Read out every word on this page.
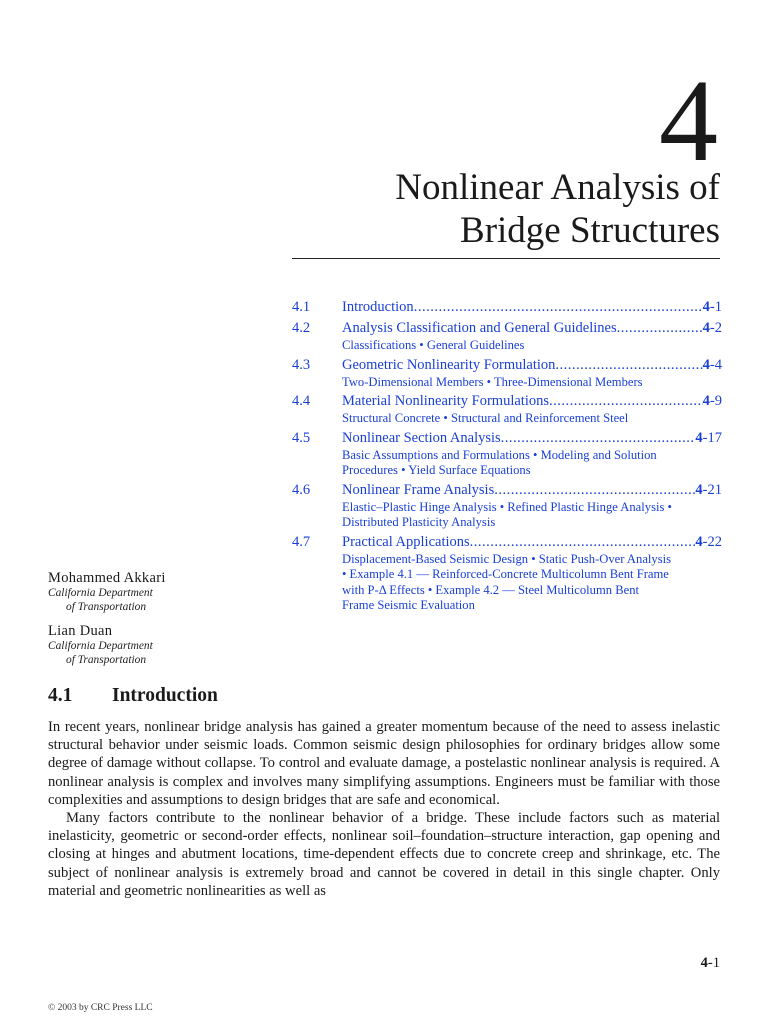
4
Nonlinear Analysis of
Bridge Structures
4.1 Introduction .....	4-1
4.2 Analysis Classification and General Guidelines .....	4-2
Classifications • General Guidelines
4.3 Geometric Nonlinearity Formulation .....	4-4
Two-Dimensional Members • Three-Dimensional Members
4.4 Material Nonlinearity Formulations .....	4-9
Structural Concrete • Structural and Reinforcement Steel
4.5 Nonlinear Section Analysis .....	4-17
Basic Assumptions and Formulations • Modeling and Solution Procedures • Yield Surface Equations
4.6 Nonlinear Frame Analysis .....	4-21
Elastic–Plastic Hinge Analysis • Refined Plastic Hinge Analysis • Distributed Plasticity Analysis
4.7 Practical Applications .....	4-22
Displacement-Based Seismic Design • Static Push-Over Analysis • Example 4.1 — Reinforced-Concrete Multicolumn Bent Frame with P-Δ Effects • Example 4.2 — Steel Multicolumn Bent Frame Seismic Evaluation
Mohammed Akkari
California Department
of Transportation
Lian Duan
California Department
of Transportation
4.1 Introduction

In recent years, nonlinear bridge analysis has gained a greater momentum because of the need to assess inelastic structural behavior under seismic loads. Common seismic design philosophies for ordinary bridges allow some degree of damage without collapse. To control and evaluate damage, a postelastic nonlinear analysis is required. A nonlinear analysis is complex and involves many simplifying assumptions. Engineers must be familiar with those complexities and assumptions to design bridges that are safe and economical.

Many factors contribute to the nonlinear behavior of a bridge. These include factors such as material inelasticity, geometric or second-order effects, nonlinear soil–foundation–structure interaction, gap opening and closing at hinges and abutment locations, time-dependent effects due to concrete creep and shrinkage, etc. The subject of nonlinear analysis is extremely broad and cannot be covered in detail in this single chapter. Only material and geometric nonlinearities as well as

4-1
© 2003 by CRC Press LLC
